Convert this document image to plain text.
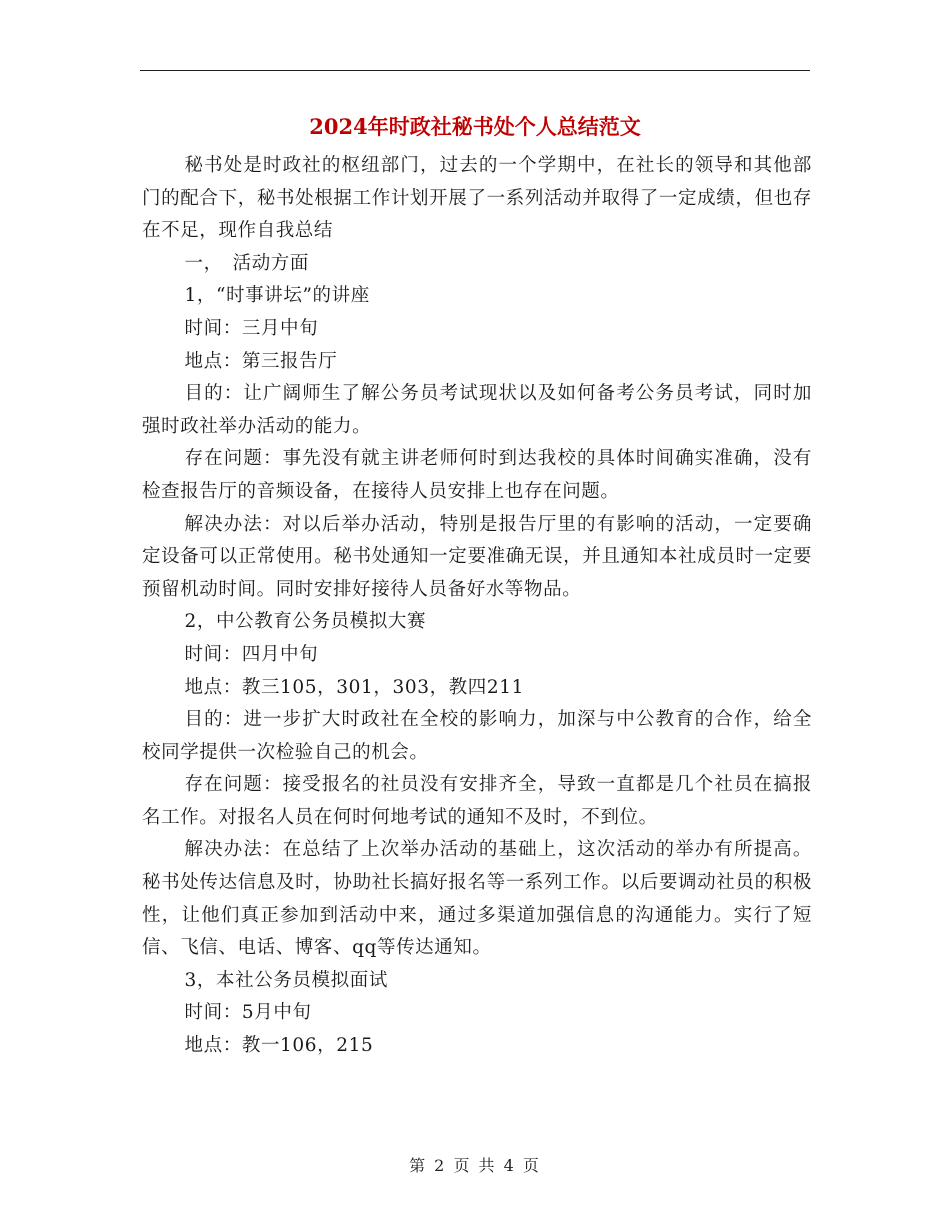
2024年时政社秘书处个人总结范文

秘书处是时政社的枢纽部门，过去的一个学期中，在社长的领导和其他部门的配合下，秘书处根据工作计划开展了一系列活动并取得了一定成绩，但也存在不足，现作自我总结

一，　活动方面

1，“时事讲坛”的讲座

时间：三月中旬

地点：第三报告厅

目的：让广阔师生了解公务员考试现状以及如何备考公务员考试，同时加强时政社举办活动的能力。

存在问题：事先没有就主讲老师何时到达我校的具体时间确实准确，没有检查报告厅的音频设备，在接待人员安排上也存在问题。

解决办法：对以后举办活动，特别是报告厅里的有影响的活动，一定要确定设备可以正常使用。秘书处通知一定要准确无误，并且通知本社成员时一定要预留机动时间。同时安排好接待人员备好水等物品。

2，中公教育公务员模拟大赛

时间：四月中旬

地点：教三105，301，303，教四211

目的：进一步扩大时政社在全校的影响力，加深与中公教育的合作，给全校同学提供一次检验自己的机会。

存在问题：接受报名的社员没有安排齐全，导致一直都是几个社员在搞报名工作。对报名人员在何时何地考试的通知不及时，不到位。

解决办法：在总结了上次举办活动的基础上，这次活动的举办有所提高。秘书处传达信息及时，协助社长搞好报名等一系列工作。以后要调动社员的积极性，让他们真正参加到活动中来，通过多渠道加强信息的沟通能力。实行了短信、飞信、电话、博客、qq等传达通知。

3，本社公务员模拟面试

时间：5月中旬

地点：教一106，215

第 2 页 共 4 页
